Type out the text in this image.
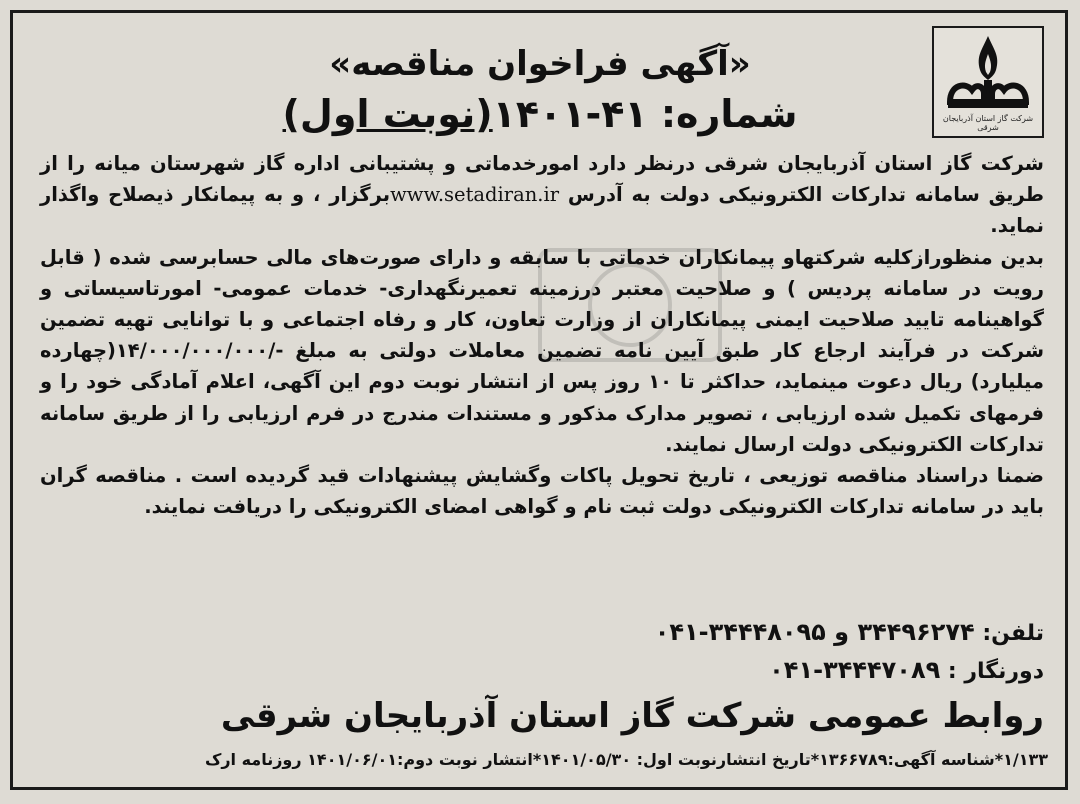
شرکت گاز استان آذربایجان شرقی
«آگهی فراخوان مناقصه»
شماره: ۴۱-۱۴۰۱(نوبت اول)

شرکت گاز استان آذربایجان شرقی درنظر دارد امورخدماتی و پشتیبانی اداره گاز شهرستان میانه را از طریق سامانه تدارکات الکترونیکی دولت به آدرس www.setadiran.irبرگزار ، و به پیمانکار ذیصلاح واگذار نماید.

بدین منظورازکلیه شرکتهاو پیمانکاران خدماتی با سابقه و دارای صورت‌های مالی حسابرسی شده ( قابل رویت در سامانه پردیس ) و صلاحیت معتبر درزمینه تعمیرنگهداری- خدمات عمومی- امورتاسیساتی و گواهینامه تایید صلاحیت ایمنی پیمانکاران از وزارت تعاون، کار و رفاه اجتماعی و با توانایی تهیه تضمین شرکت در فرآیند ارجاع کار طبق آیین نامه تضمین معاملات دولتی به مبلغ -/۱۴/۰۰۰/۰۰۰/۰۰۰(چهارده میلیارد) ریال دعوت مینماید، حداکثر تا ۱۰ روز پس از انتشار نوبت دوم این آگهی، اعلام آمادگی خود را و فرمهای تکمیل شده ارزیابی ، تصویر مدارک مذکور و مستندات مندرج در فرم ارزیابی را از طریق سامانه تدارکات الکترونیکی دولت ارسال نمایند.

ضمنا دراسناد مناقصه توزیعی ، تاریخ تحویل پاکات وگشایش پیشنهادات قید گردیده است . مناقصه گران باید در سامانه تدارکات الکترونیکی دولت ثبت نام و گواهی امضای الکترونیکی را دریافت نمایند.

تلفن: ۳۴۴۹۶۲۷۴ و ۳۴۴۴۸۰۹۵-۰۴۱
دورنگار : ۳۴۴۴۷۰۸۹-۰۴۱
روابط عمومی شرکت گاز استان آذربایجان شرقی
۱/۱۳۳*شناسه آگهی:۱۳۶۶۷۸۹*تاریخ انتشارنوبت اول: ۱۴۰۱/۰۵/۳۰*انتشار نوبت دوم:۱۴۰۱/۰۶/۰۱ روزنامه ارک
